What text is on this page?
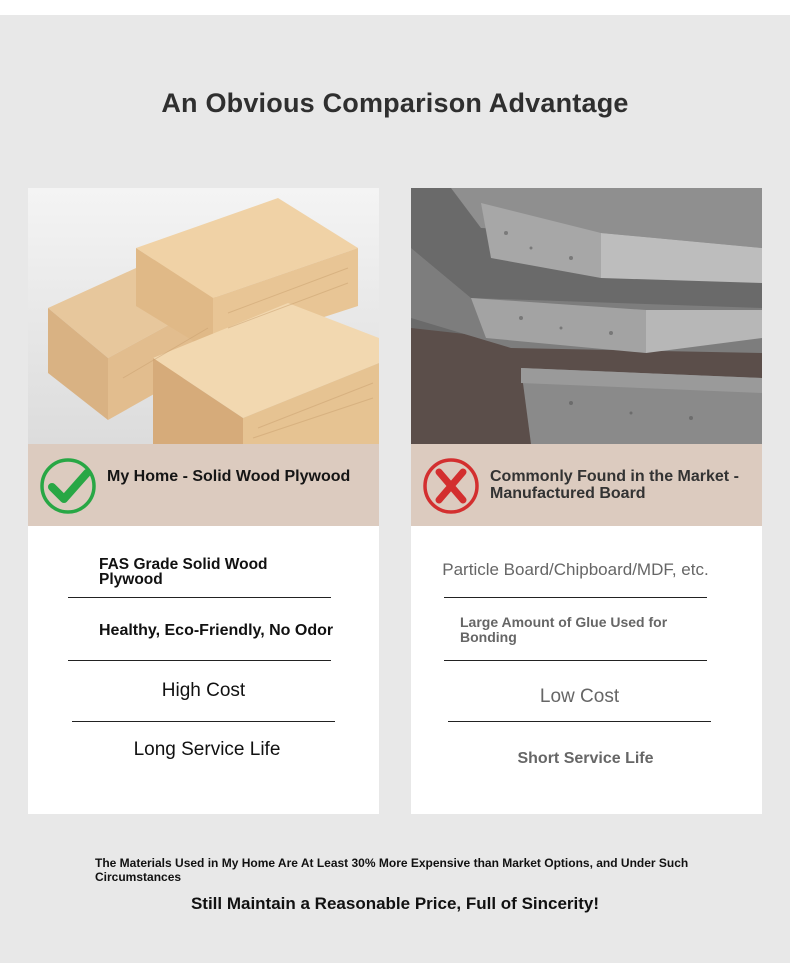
An Obvious Comparison Advantage
My Home - Solid Wood Plywood
FAS Grade Solid Wood Plywood
Healthy, Eco-Friendly, No Odor
High Cost
Long Service Life
Commonly Found in the Market - Manufactured Board
Particle Board/Chipboard/MDF, etc.
Large Amount of Glue Used for Bonding
Low Cost
Short Service Life
The Materials Used in My Home Are At Least 30% More Expensive than Market Options, and Under Such Circumstances
Still Maintain a Reasonable Price, Full of Sincerity!
